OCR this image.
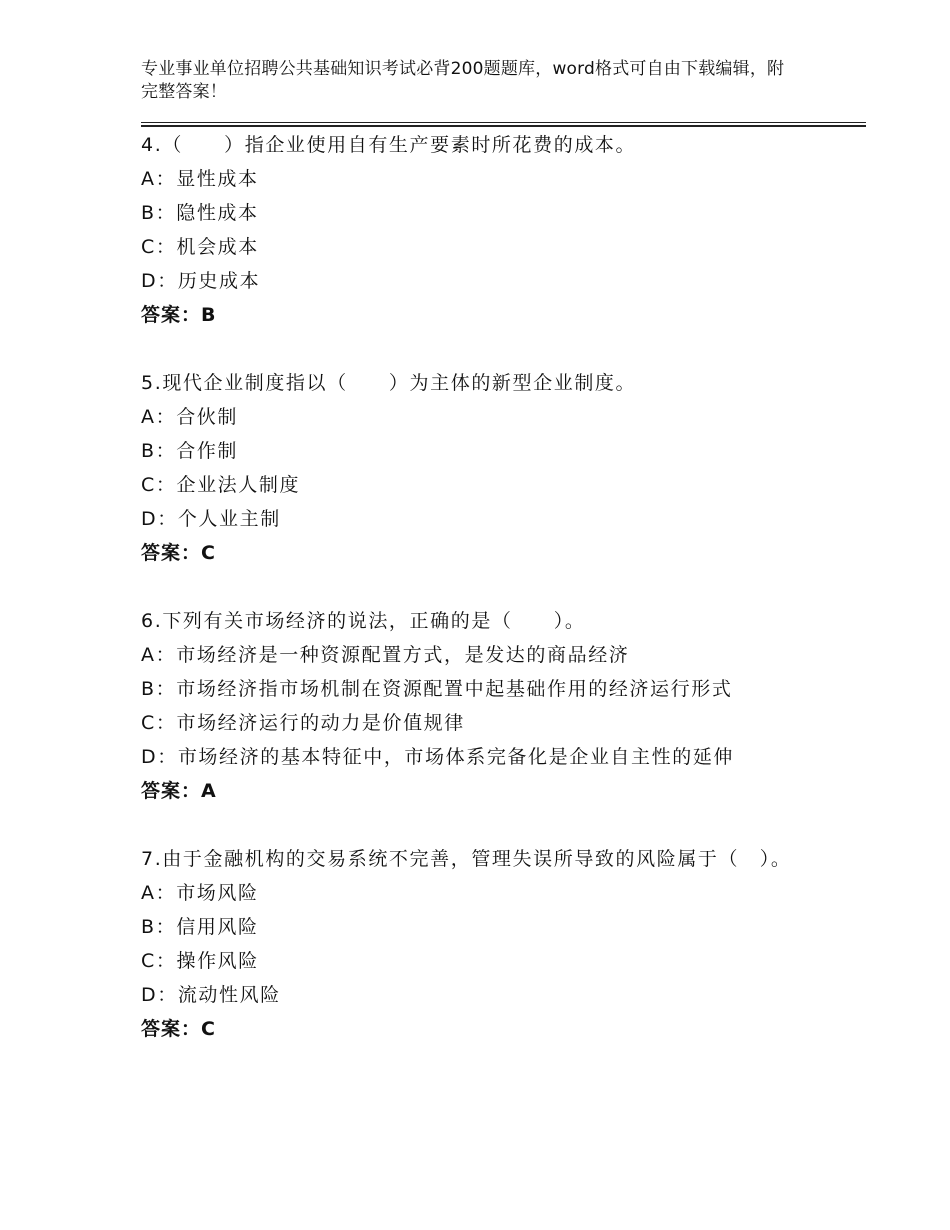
专业事业单位招聘公共基础知识考试必背200题题库，word格式可自由下载编辑，附完整答案！
4.（　　）指企业使用自有生产要素时所花费的成本。
A：显性成本
B：隐性成本
C：机会成本
D：历史成本
答案：B
5.现代企业制度指以（　　）为主体的新型企业制度。
A：合伙制
B：合作制
C：企业法人制度
D：个人业主制
答案：C
6.下列有关市场经济的说法，正确的是（　　）。
A：市场经济是一种资源配置方式，是发达的商品经济
B：市场经济指市场机制在资源配置中起基础作用的经济运行形式
C：市场经济运行的动力是价值规律
D：市场经济的基本特征中，市场体系完备化是企业自主性的延伸
答案：A
7.由于金融机构的交易系统不完善，管理失误所导致的风险属于（　）。
A：市场风险
B：信用风险
C：操作风险
D：流动性风险
答案：C
